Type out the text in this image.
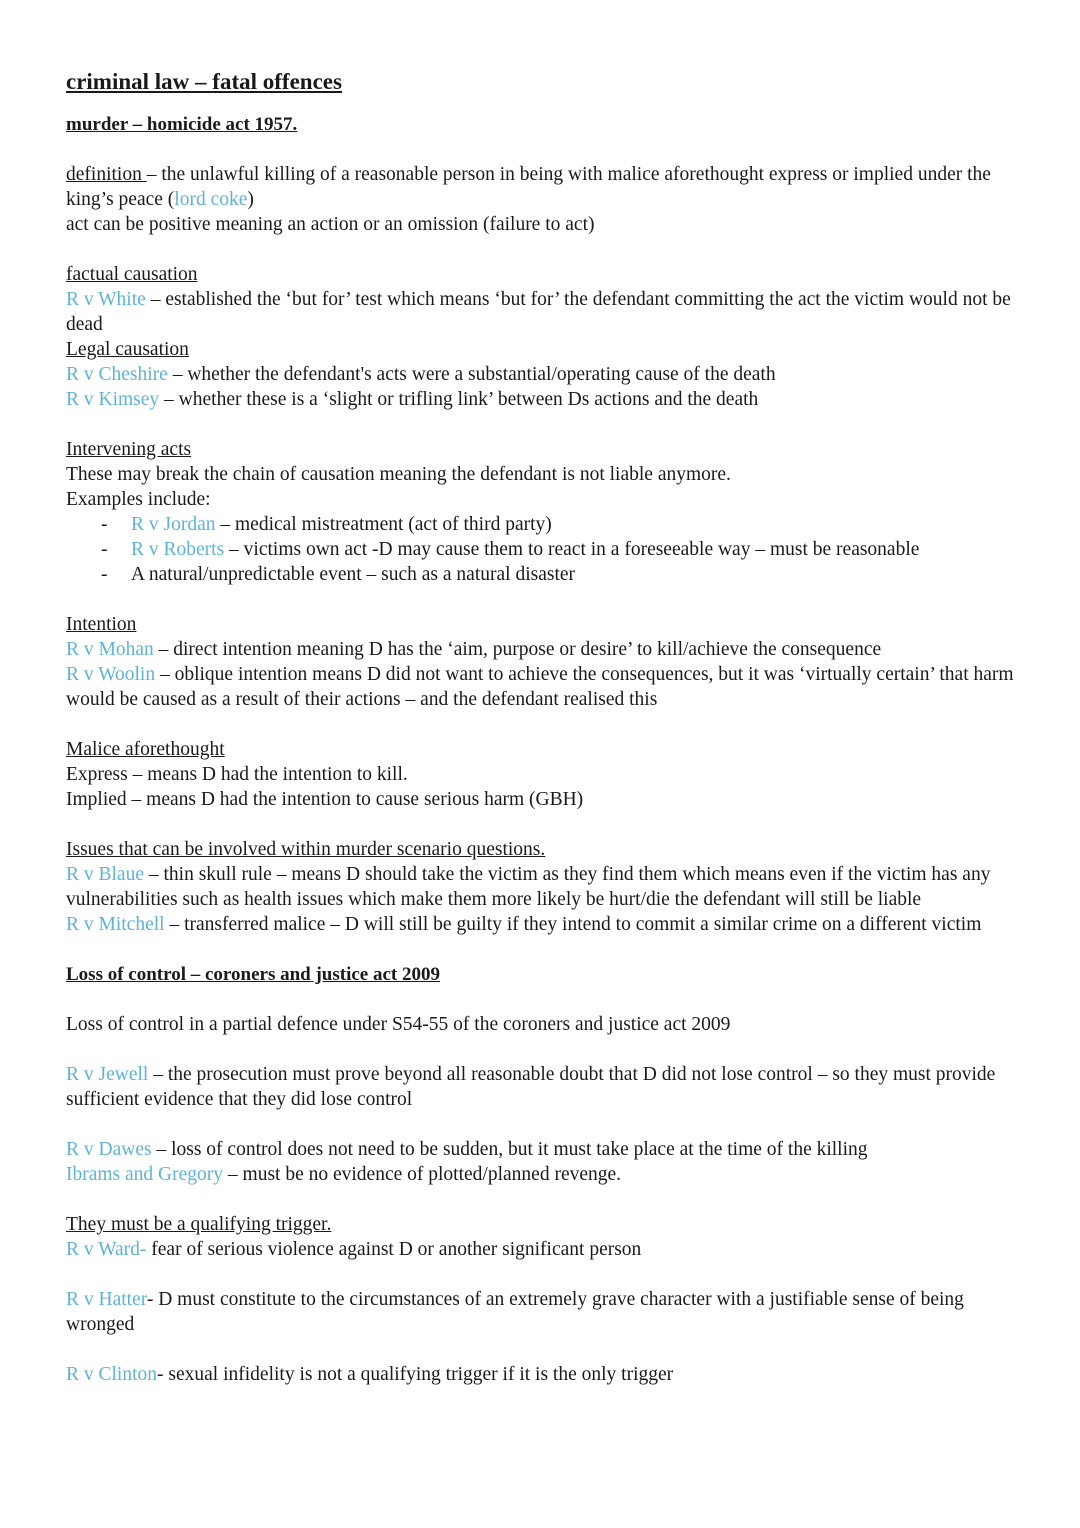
criminal law – fatal offences
murder – homicide act 1957.

definition – the unlawful killing of a reasonable person in being with malice aforethought express or implied under the king’s peace (lord coke)

act can be positive meaning an action or an omission (failure to act)

factual causation

R v White – established the ‘but for’ test which means ‘but for’ the defendant committing the act the victim would not be dead

Legal causation

R v Cheshire – whether the defendant's acts were a substantial/operating cause of the death

R v Kimsey – whether these is a ‘slight or trifling link’ between Ds actions and the death

Intervening acts

These may break the chain of causation meaning the defendant is not liable anymore.

Examples include:

- R v Jordan – medical mistreatment (act of third party)
- R v Roberts – victims own act -D may cause them to react in a foreseeable way – must be reasonable
- A natural/unpredictable event – such as a natural disaster

Intention

R v Mohan – direct intention meaning D has the ‘aim, purpose or desire’ to kill/achieve the consequence

R v Woolin – oblique intention means D did not want to achieve the consequences, but it was ‘virtually certain’ that harm would be caused as a result of their actions – and the defendant realised this

Malice aforethought

Express – means D had the intention to kill.

Implied – means D had the intention to cause serious harm (GBH)

Issues that can be involved within murder scenario questions.

R v Blaue – thin skull rule – means D should take the victim as they find them which means even if the victim has any vulnerabilities such as health issues which make them more likely be hurt/die the defendant will still be liable

R v Mitchell – transferred malice – D will still be guilty if they intend to commit a similar crime on a different victim

Loss of control – coroners and justice act 2009

Loss of control in a partial defence under S54-55 of the coroners and justice act 2009

R v Jewell – the prosecution must prove beyond all reasonable doubt that D did not lose control – so they must provide sufficient evidence that they did lose control

R v Dawes – loss of control does not need to be sudden, but it must take place at the time of the killing

Ibrams and Gregory – must be no evidence of plotted/planned revenge.

They must be a qualifying trigger.

R v Ward- fear of serious violence against D or another significant person

R v Hatter- D must constitute to the circumstances of an extremely grave character with a justifiable sense of being wronged

R v Clinton- sexual infidelity is not a qualifying trigger if it is the only trigger
